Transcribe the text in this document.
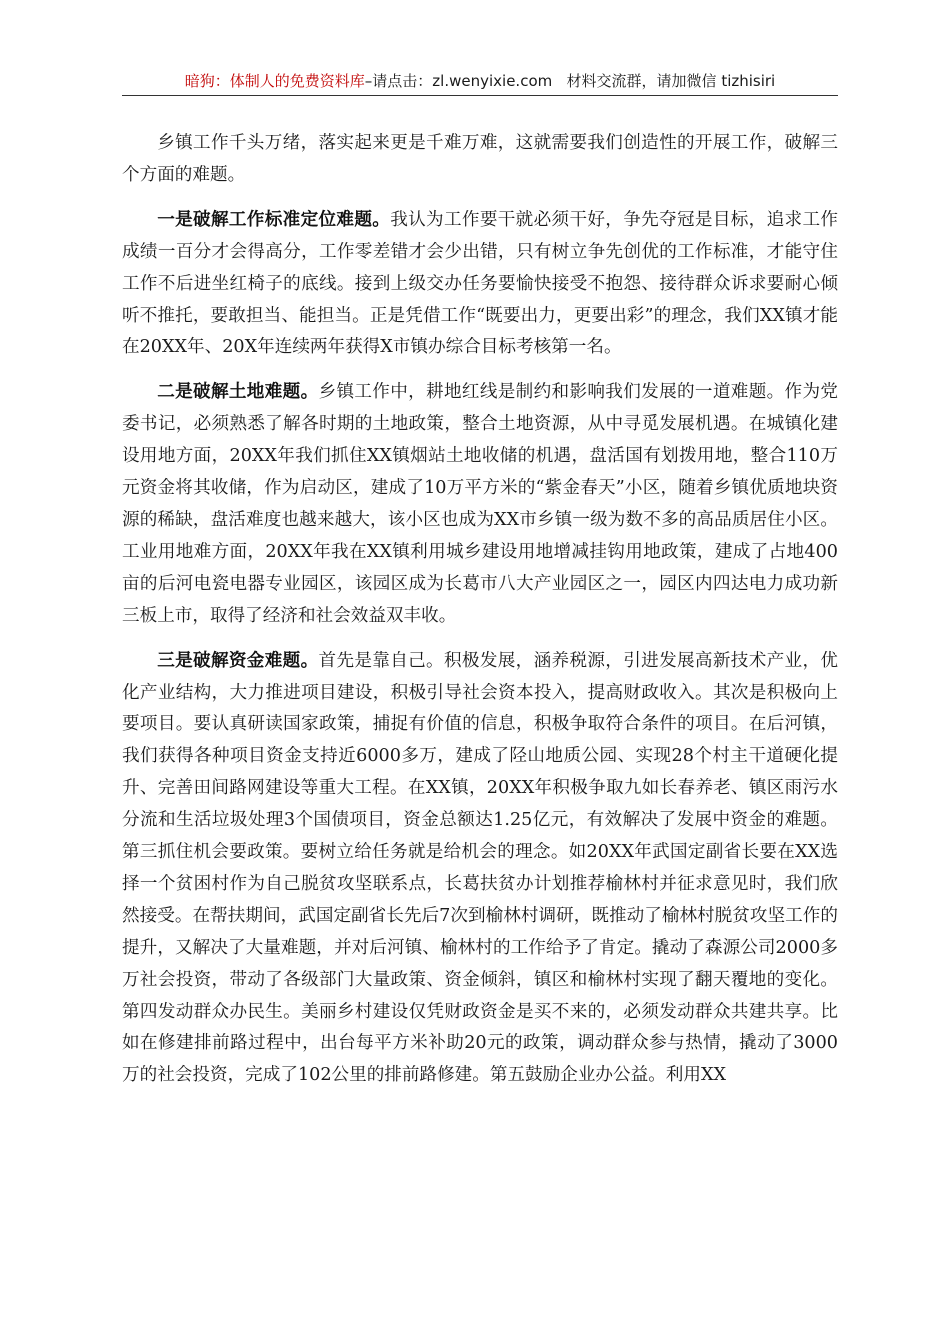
暗狗：体制人的免费资料库–请点击：zl.wenyixie.com 材料交流群，请加微信 tizhisiri

乡镇工作千头万绪，落实起来更是千难万难，这就需要我们创造性的开展工作，破解三个方面的难题。

一是破解工作标准定位难题。我认为工作要干就必须干好，争先夺冠是目标，追求工作成绩一百分才会得高分，工作零差错才会少出错，只有树立争先创优的工作标准，才能守住工作不后进坐红椅子的底线。接到上级交办任务要愉快接受不抱怨、接待群众诉求要耐心倾听不推托，要敢担当、能担当。正是凭借工作“既要出力，更要出彩”的理念，我们XX镇才能在20XX年、20X年连续两年获得X市镇办综合目标考核第一名。

二是破解土地难题。乡镇工作中，耕地红线是制约和影响我们发展的一道难题。作为党委书记，必须熟悉了解各时期的土地政策，整合土地资源，从中寻觅发展机遇。在城镇化建设用地方面，20XX年我们抓住XX镇烟站土地收储的机遇，盘活国有划拨用地，整合110万元资金将其收储，作为启动区，建成了10万平方米的“紫金春天”小区，随着乡镇优质地块资源的稀缺，盘活难度也越来越大，该小区也成为XX市乡镇一级为数不多的高品质居住小区。工业用地难方面，20XX年我在XX镇利用城乡建设用地增减挂钩用地政策，建成了占地400亩的后河电瓷电器专业园区，该园区成为长葛市八大产业园区之一，园区内四达电力成功新三板上市，取得了经济和社会效益双丰收。

三是破解资金难题。首先是靠自己。积极发展，涵养税源，引进发展高新技术产业，优化产业结构，大力推进项目建设，积极引导社会资本投入，提高财政收入。其次是积极向上要项目。要认真研读国家政策，捕捉有价值的信息，积极争取符合条件的项目。在后河镇，我们获得各种项目资金支持近6000多万，建成了陉山地质公园、实现28个村主干道硬化提升、完善田间路网建设等重大工程。在XX镇，20XX年积极争取九如长春养老、镇区雨污水分流和生活垃圾处理3个国债项目，资金总额达1.25亿元，有效解决了发展中资金的难题。第三抓住机会要政策。要树立给任务就是给机会的理念。如20XX年武国定副省长要在XX选择一个贫困村作为自己脱贫攻坚联系点，长葛扶贫办计划推荐榆林村并征求意见时，我们欣然接受。在帮扶期间，武国定副省长先后7次到榆林村调研，既推动了榆林村脱贫攻坚工作的提升，又解决了大量难题，并对后河镇、榆林村的工作给予了肯定。撬动了森源公司2000多万社会投资，带动了各级部门大量政策、资金倾斜，镇区和榆林村实现了翻天覆地的变化。第四发动群众办民生。美丽乡村建设仅凭财政资金是买不来的，必须发动群众共建共享。比如在修建排前路过程中，出台每平方米补助20元的政策，调动群众参与热情，撬动了3000万的社会投资，完成了102公里的排前路修建。第五鼓励企业办公益。利用XX
